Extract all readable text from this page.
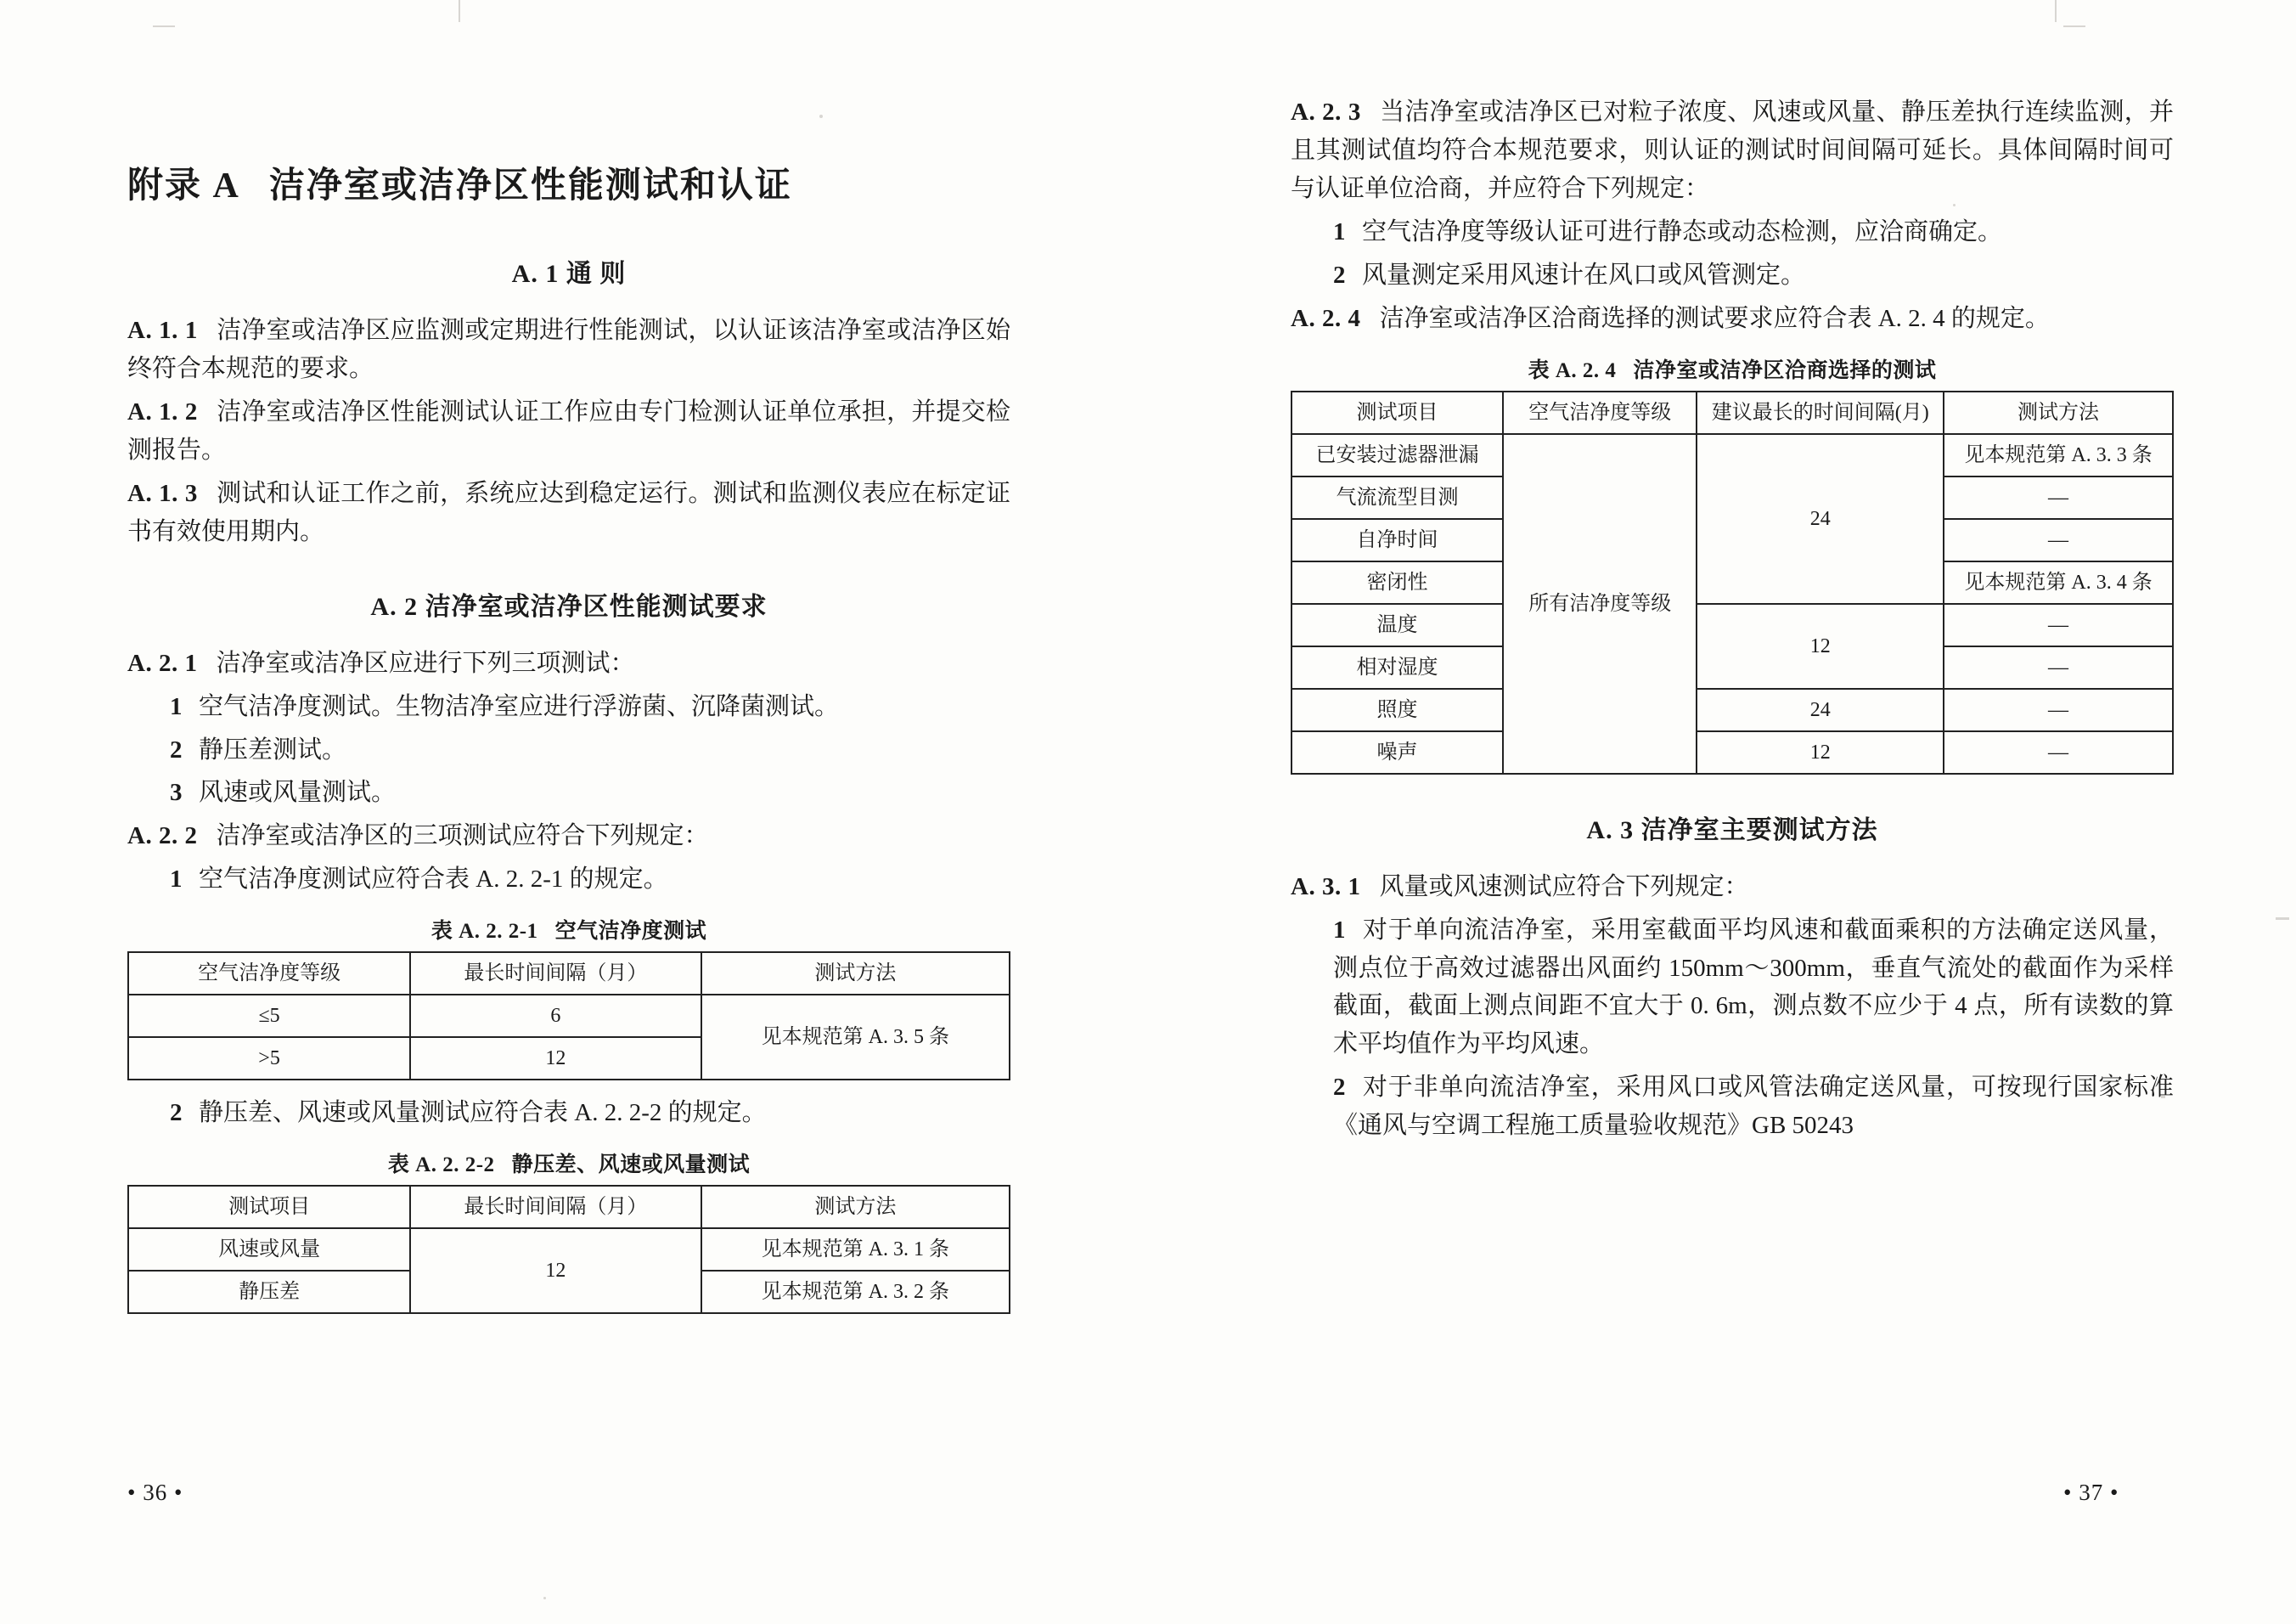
附录 A 洁净室或洁净区性能测试和认证
A. 1 通 则

A. 1. 1 洁净室或洁净区应监测或定期进行性能测试，以认证该洁净室或洁净区始终符合本规范的要求。

A. 1. 2 洁净室或洁净区性能测试认证工作应由专门检测认证单位承担，并提交检测报告。

A. 1. 3 测试和认证工作之前，系统应达到稳定运行。测试和监测仪表应在标定证书有效使用期内。

A. 2 洁净室或洁净区性能测试要求

A. 2. 1 洁净室或洁净区应进行下列三项测试：

1 空气洁净度测试。生物洁净室应进行浮游菌、沉降菌测试。

2 静压差测试。

3 风速或风量测试。

A. 2. 2 洁净室或洁净区的三项测试应符合下列规定：

1 空气洁净度测试应符合表 A. 2. 2-1 的规定。

表 A. 2. 2-1 空气洁净度测试
空气洁净度等级	最长时间间隔（月）	测试方法
≤5	6	见本规范第 A. 3. 5 条
>5	12	

2 静压差、风速或风量测试应符合表 A. 2. 2-2 的规定。

表 A. 2. 2-2 静压差、风速或风量测试
测试项目	最长时间间隔（月）	测试方法
风速或风量	12	见本规范第 A. 3. 1 条
静压差		见本规范第 A. 3. 2 条

A. 2. 3 当洁净室或洁净区已对粒子浓度、风速或风量、静压差执行连续监测，并且其测试值均符合本规范要求，则认证的测试时间间隔可延长。具体间隔时间可与认证单位洽商，并应符合下列规定：

1 空气洁净度等级认证可进行静态或动态检测，应洽商确定。

2 风量测定采用风速计在风口或风管测定。

A. 2. 4 洁净室或洁净区洽商选择的测试要求应符合表 A. 2. 4 的规定。

表 A. 2. 4 洁净室或洁净区洽商选择的测试
测试项目	空气洁净度等级	建议最长的时间间隔(月)	测试方法
已安装过滤器泄漏	所有洁净度等级	24	见本规范第 A. 3. 3 条
气流流型目测			—
自净时间			—
密闭性			见本规范第 A. 3. 4 条
温度		12	—
相对湿度			—
照度		24	—
噪声		12	—
A. 3 洁净室主要测试方法

A. 3. 1 风量或风速测试应符合下列规定：

1 对于单向流洁净室，采用室截面平均风速和截面乘积的方法确定送风量，测点位于高效过滤器出风面约 150mm～300mm，垂直气流处的截面作为采样截面，截面上测点间距不宜大于 0. 6m，测点数不应少于 4 点，所有读数的算术平均值作为平均风速。

2 对于非单向流洁净室，采用风口或风管法确定送风量，可按现行国家标准《通风与空调工程施工质量验收规范》GB 50243

• 36 •	• 37 •
